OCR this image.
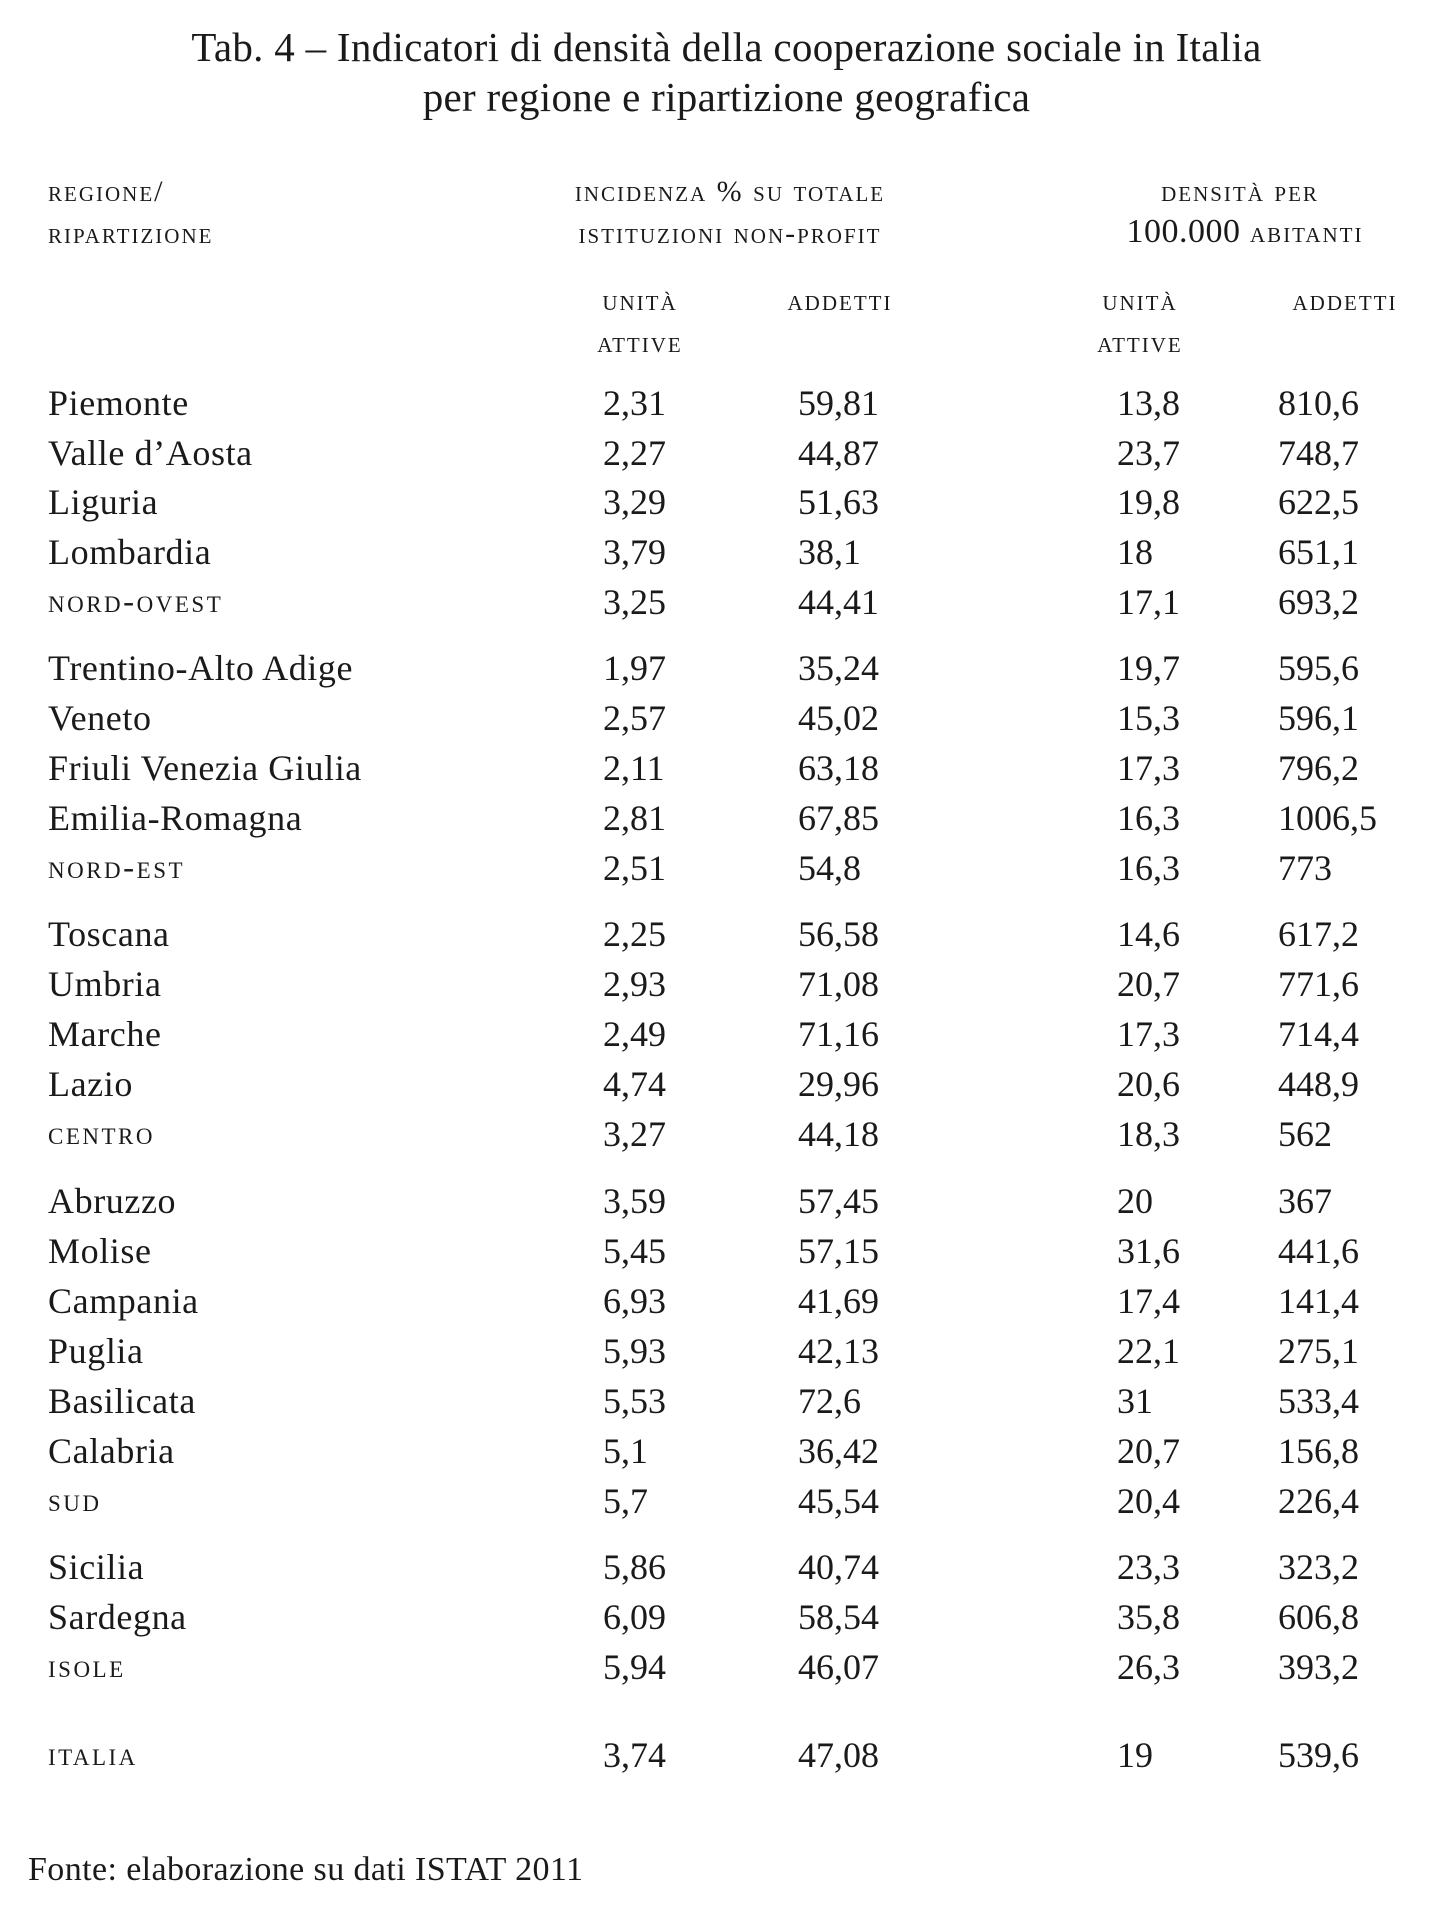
Tab. 4 – Indicatori di densità della cooperazione sociale in Italia
per regione e ripartizione geografica
regione/
ripartizione
incidenza % su totale
istituzioni non-profit
densità per
100.000 abitanti
unità
attive
addetti	unità
attive
addetti
Piemonte	2,31	59,81	13,8	810,6
Valle d’Aosta	2,27	44,87	23,7	748,7
Liguria	3,29	51,63	19,8	622,5
Lombardia	3,79	38,1	18	651,1
nord-ovest	3,25	44,41	17,1	693,2
Trentino-Alto Adige	1,97	35,24	19,7	595,6
Veneto	2,57	45,02	15,3	596,1
Friuli Venezia Giulia	2,11	63,18	17,3	796,2
Emilia-Romagna	2,81	67,85	16,3	1006,5
nord-est	2,51	54,8	16,3	773
Toscana	2,25	56,58	14,6	617,2
Umbria	2,93	71,08	20,7	771,6
Marche	2,49	71,16	17,3	714,4
Lazio	4,74	29,96	20,6	448,9
centro	3,27	44,18	18,3	562
Abruzzo	3,59	57,45	20	367
Molise	5,45	57,15	31,6	441,6
Campania	6,93	41,69	17,4	141,4
Puglia	5,93	42,13	22,1	275,1
Basilicata	5,53	72,6	31	533,4
Calabria	5,1	36,42	20,7	156,8
sud	5,7	45,54	20,4	226,4
Sicilia	5,86	40,74	23,3	323,2
Sardegna	6,09	58,54	35,8	606,8
isole	5,94	46,07	26,3	393,2
italia	3,74	47,08	19	539,6
Fonte: elaborazione su dati ISTAT 2011
